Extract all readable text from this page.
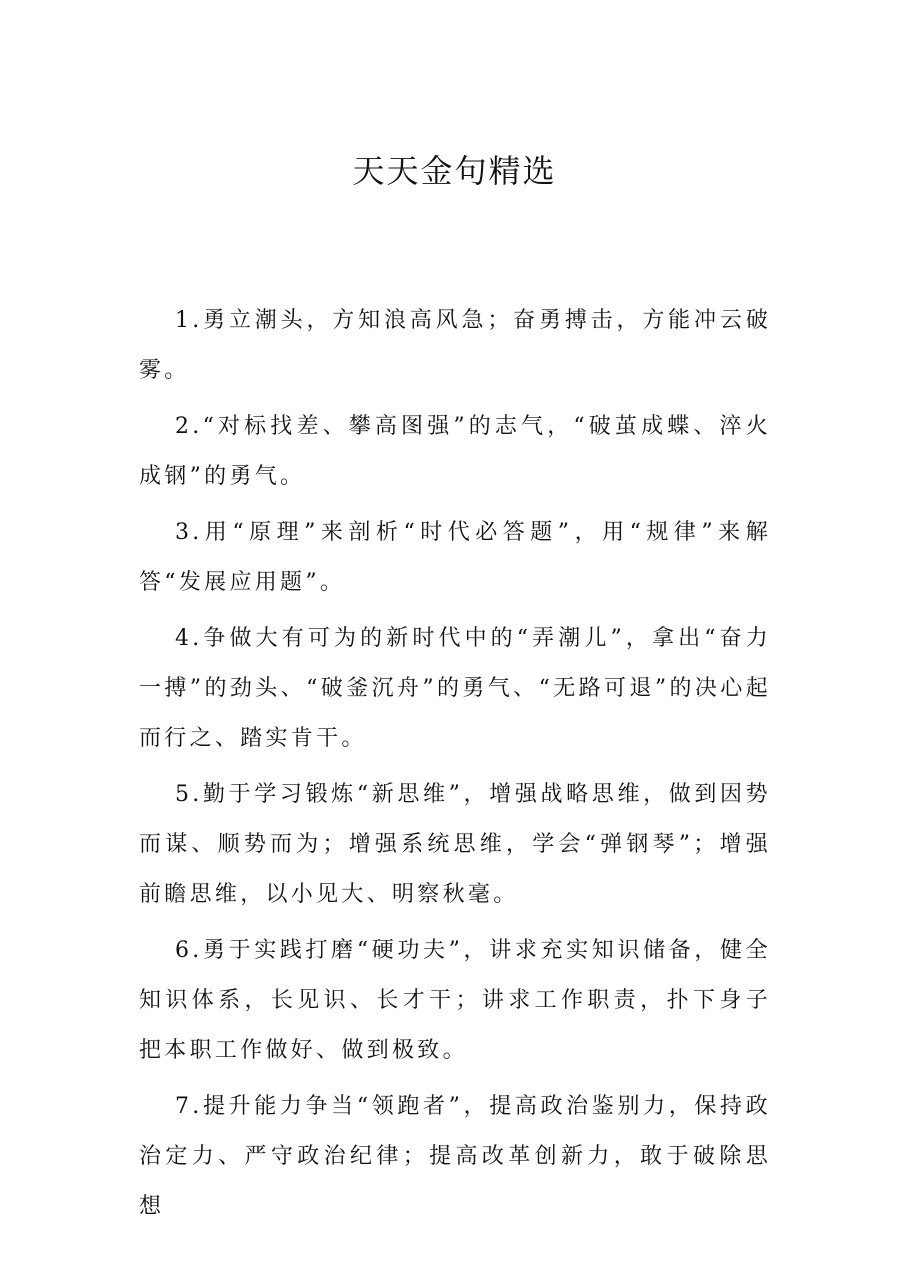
天天金句精选

1.勇立潮头，方知浪高风急；奋勇搏击，方能冲云破雾。

2.“对标找差、攀高图强”的志气，“破茧成蝶、淬火成钢”的勇气。

3.用“原理”来剖析“时代必答题”，用“规律”来解答“发展应用题”。

4.争做大有可为的新时代中的“弄潮儿”，拿出“奋力一搏”的劲头、“破釜沉舟”的勇气、“无路可退”的决心起而行之、踏实肯干。

5.勤于学习锻炼“新思维”，增强战略思维，做到因势而谋、顺势而为；增强系统思维，学会“弹钢琴”；增强前瞻思维，以小见大、明察秋毫。

6.勇于实践打磨“硬功夫”，讲求充实知识储备，健全知识体系，长见识、长才干；讲求工作职责，扑下身子把本职工作做好、做到极致。

7.提升能力争当“领跑者”，提高政治鉴别力，保持政治定力、严守政治纪律；提高改革创新力，敢于破除思想
